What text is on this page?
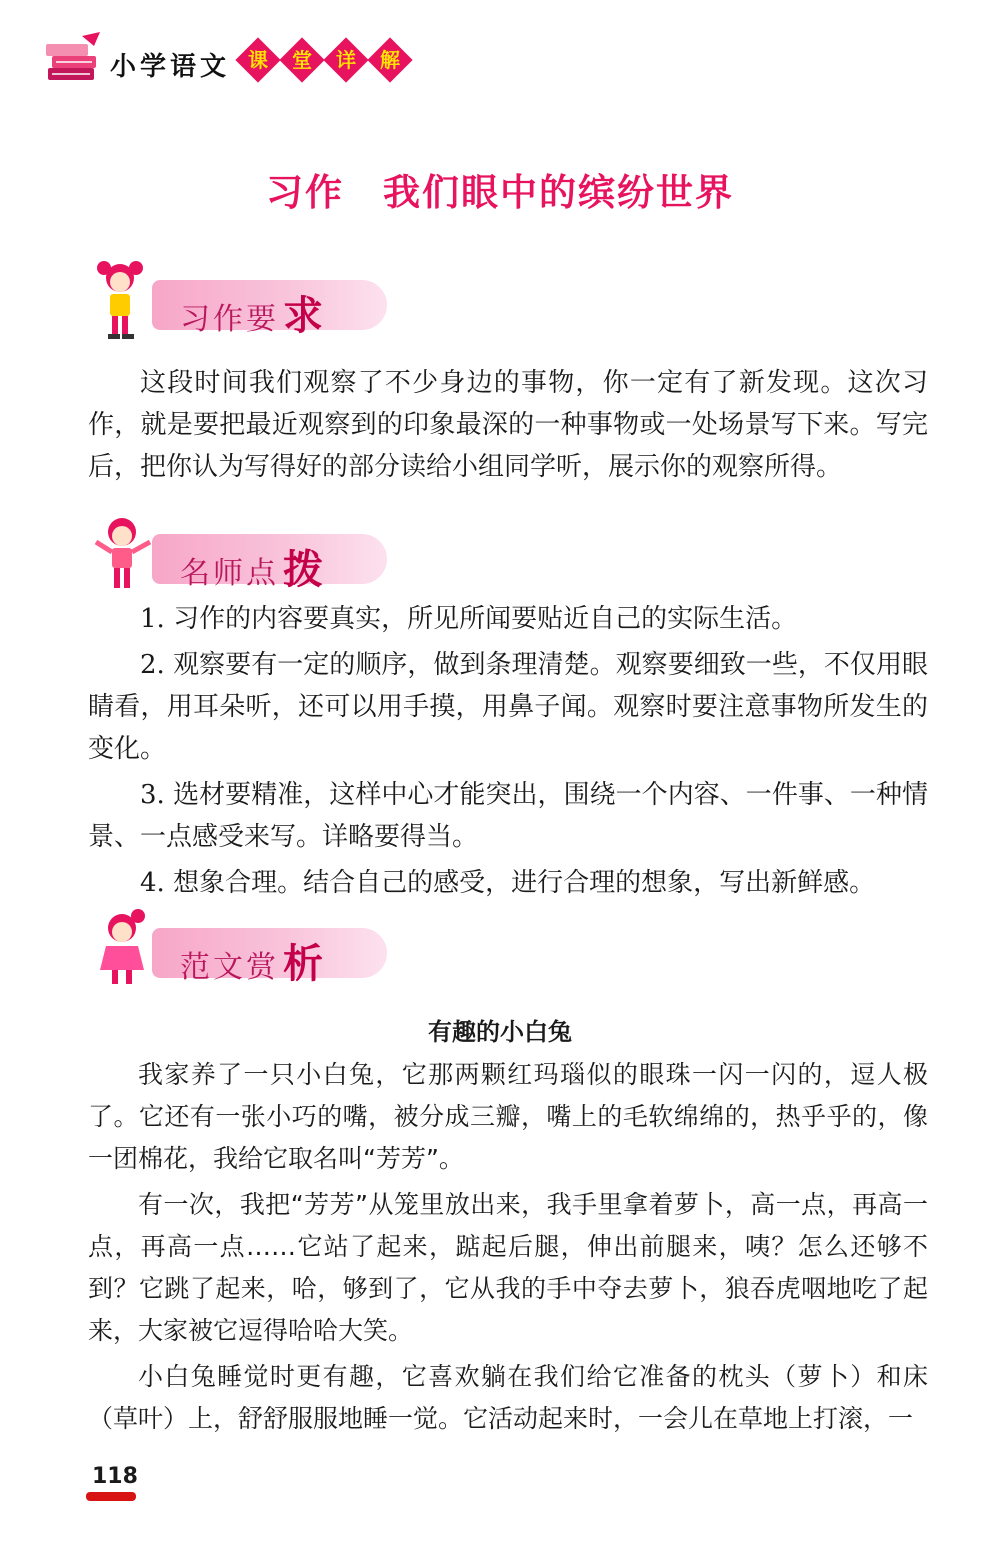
小学语文 课	堂	详	解
习作　我们眼中的缤纷世界
习作要 求

这段时间我们观察了不少身边的事物，你一定有了新发现。这次习作，就是要把最近观察到的印象最深的一种事物或一处场景写下来。写完后，把你认为写得好的部分读给小组同学听，展示你的观察所得。

名师点 拨

1. 习作的内容要真实，所见所闻要贴近自己的实际生活。

2. 观察要有一定的顺序，做到条理清楚。观察要细致一些，不仅用眼睛看，用耳朵听，还可以用手摸，用鼻子闻。观察时要注意事物所发生的变化。

3. 选材要精准，这样中心才能突出，围绕一个内容、一件事、一种情景、一点感受来写。详略要得当。

4. 想象合理。结合自己的感受，进行合理的想象，写出新鲜感。

范文赏 析
有趣的小白兔

我家养了一只小白兔，它那两颗红玛瑙似的眼珠一闪一闪的，逗人极了。它还有一张小巧的嘴，被分成三瓣，嘴上的毛软绵绵的，热乎乎的，像一团棉花，我给它取名叫“芳芳”。

有一次，我把“芳芳”从笼里放出来，我手里拿着萝卜，高一点，再高一点，再高一点……它站了起来，踮起后腿，伸出前腿来，咦？怎么还够不到？它跳了起来，哈，够到了，它从我的手中夺去萝卜，狼吞虎咽地吃了起来，大家被它逗得哈哈大笑。

小白兔睡觉时更有趣，它喜欢躺在我们给它准备的枕头（萝卜）和床（草叶）上，舒舒服服地睡一觉。它活动起来时，一会儿在草地上打滚，一

118
